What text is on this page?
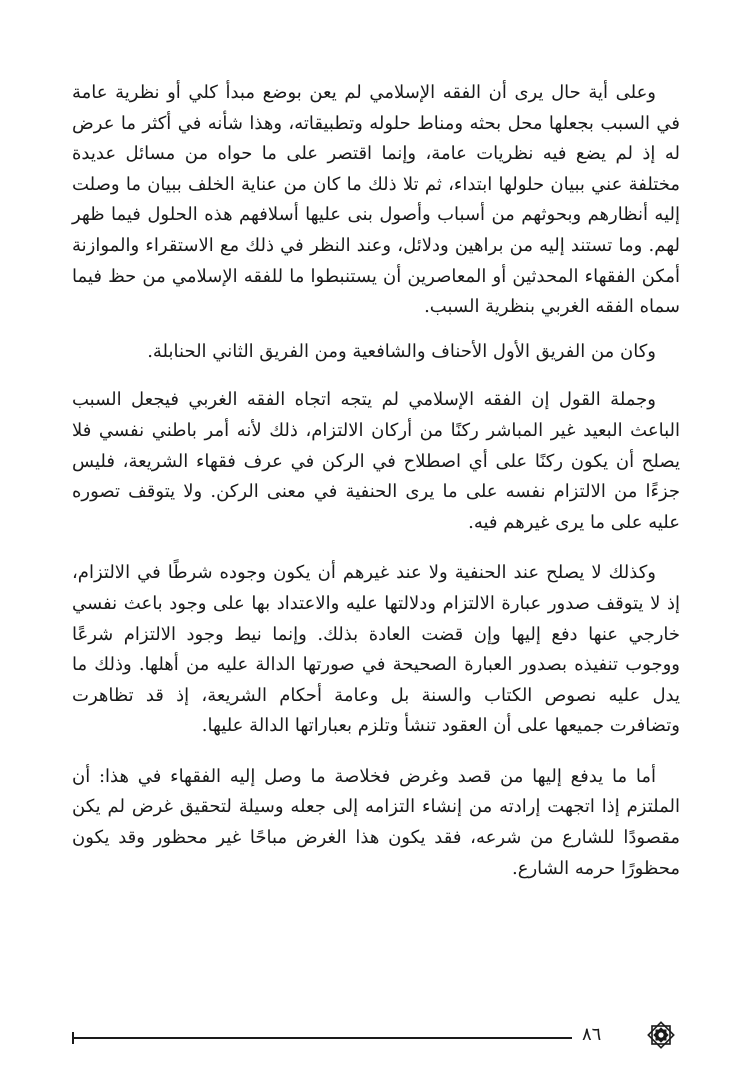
وعلى أية حال يرى أن الفقه الإسلامي لم يعن بوضع مبدأ كلي أو نظرية عامة في السبب بجعلها محل بحثه ومناط حلوله وتطبيقاته، وهذا شأنه في أكثر ما عرض له إذ لم يضع فيه نظريات عامة، وإنما اقتصر على ما حواه من مسائل عديدة مختلفة عني ببيان حلولها ابتداء، ثم تلا ذلك ما كان من عناية الخلف ببيان ما وصلت إليه أنظارهم وبحوثهم من أسباب وأصول بنى عليها أسلافهم هذه الحلول فيما ظهر لهم. وما تستند إليه من براهين ودلائل، وعند النظر في ذلك مع الاستقراء والموازنة أمكن الفقهاء المحدثين أو المعاصرين أن يستنبطوا ما للفقه الإسلامي من حظ فيما سماه الفقه الغربي بنظرية السبب.

وكان من الفريق الأول الأحناف والشافعية ومن الفريق الثاني الحنابلة.

وجملة القول إن الفقه الإسلامي لم يتجه اتجاه الفقه الغربي فيجعل السبب الباعث البعيد غير المباشر ركنًا من أركان الالتزام، ذلك لأنه أمر باطني نفسي فلا يصلح أن يكون ركنًا على أي اصطلاح في الركن في عرف فقهاء الشريعة، فليس جزءًا من الالتزام نفسه على ما يرى الحنفية في معنى الركن. ولا يتوقف تصوره عليه على ما يرى غيرهم فيه.

وكذلك لا يصلح عند الحنفية ولا عند غيرهم أن يكون وجوده شرطًا في الالتزام، إذ لا يتوقف صدور عبارة الالتزام ودلالتها عليه والاعتداد بها على وجود باعث نفسي خارجي عنها دفع إليها وإن قضت العادة بذلك. وإنما نيط وجود الالتزام شرعًا ووجوب تنفيذه بصدور العبارة الصحيحة في صورتها الدالة عليه من أهلها. وذلك ما يدل عليه نصوص الكتاب والسنة بل وعامة أحكام الشريعة، إذ قد تظاهرت وتضافرت جميعها على أن العقود تنشأ وتلزم بعباراتها الدالة عليها.

أما ما يدفع إليها من قصد وغرض فخلاصة ما وصل إليه الفقهاء في هذا: أن الملتزم إذا اتجهت إرادته من إنشاء التزامه إلى جعله وسيلة لتحقيق غرض لم يكن مقصودًا للشارع من شرعه، فقد يكون هذا الغرض مباحًا غير محظور وقد يكون محظورًا حرمه الشارع.

٨٦
